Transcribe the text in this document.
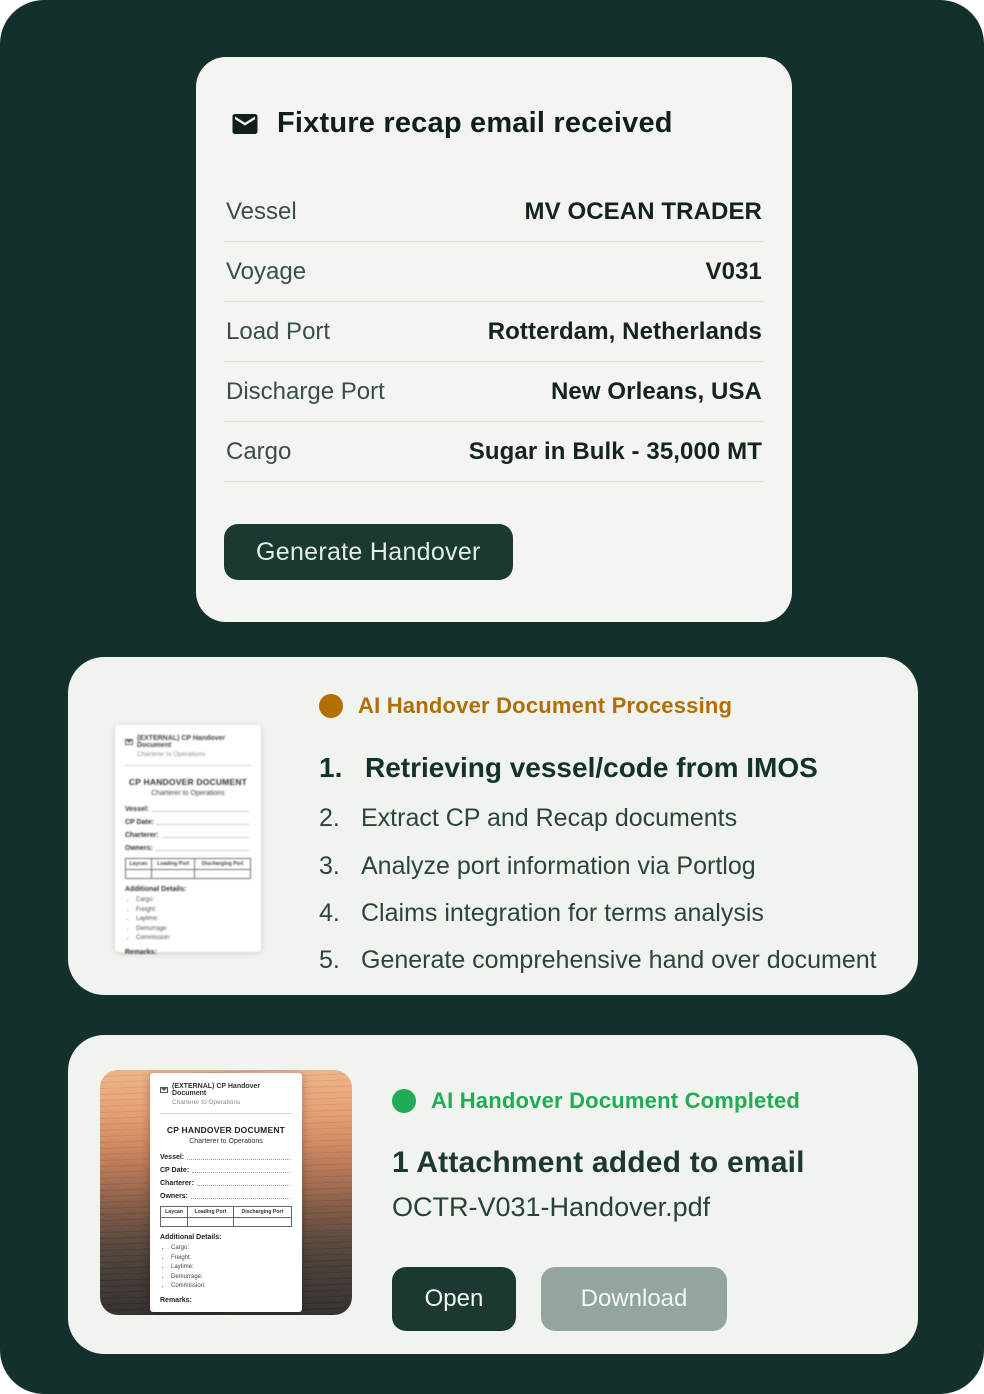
Fixture recap email received
Vessel	MV OCEAN TRADER
Voyage	V031
Load Port	Rotterdam, Netherlands
Discharge Port	New Orleans, USA
Cargo	Sugar in Bulk - 35,000 MT
Generate Handover
(EXTERNAL) CP Handover Document
Charterer to Operations
CP HANDOVER DOCUMENT
Charterer to Operations
Vessel:
CP Date:
Charterer:
Owners:
Laycan	Loading Port	Discharging Port

Additional Details:
• Cargo:
• Freight:
• Laytime:
• Demurrage:
• Commission:
Remarks:
AI Handover Document Processing
1. Retrieving vessel/code from IMOS
2. Extract CP and Recap documents
3. Analyze port information via Portlog
4. Claims integration for terms analysis
5. Generate comprehensive hand over document
(EXTERNAL) CP Handover Document
Charterer to Operations
CP HANDOVER DOCUMENT
Charterer to Operations
Vessel:
CP Date:
Charterer:
Owners:
Laycan	Loading Port	Discharging Port

Additional Details:
• Cargo:
• Freight:
• Laytime:
• Demurrage:
• Commission:
Remarks:
AI Handover Document Completed
1 Attachment added to email
OCTR-V031-Handover.pdf
Open	Download
